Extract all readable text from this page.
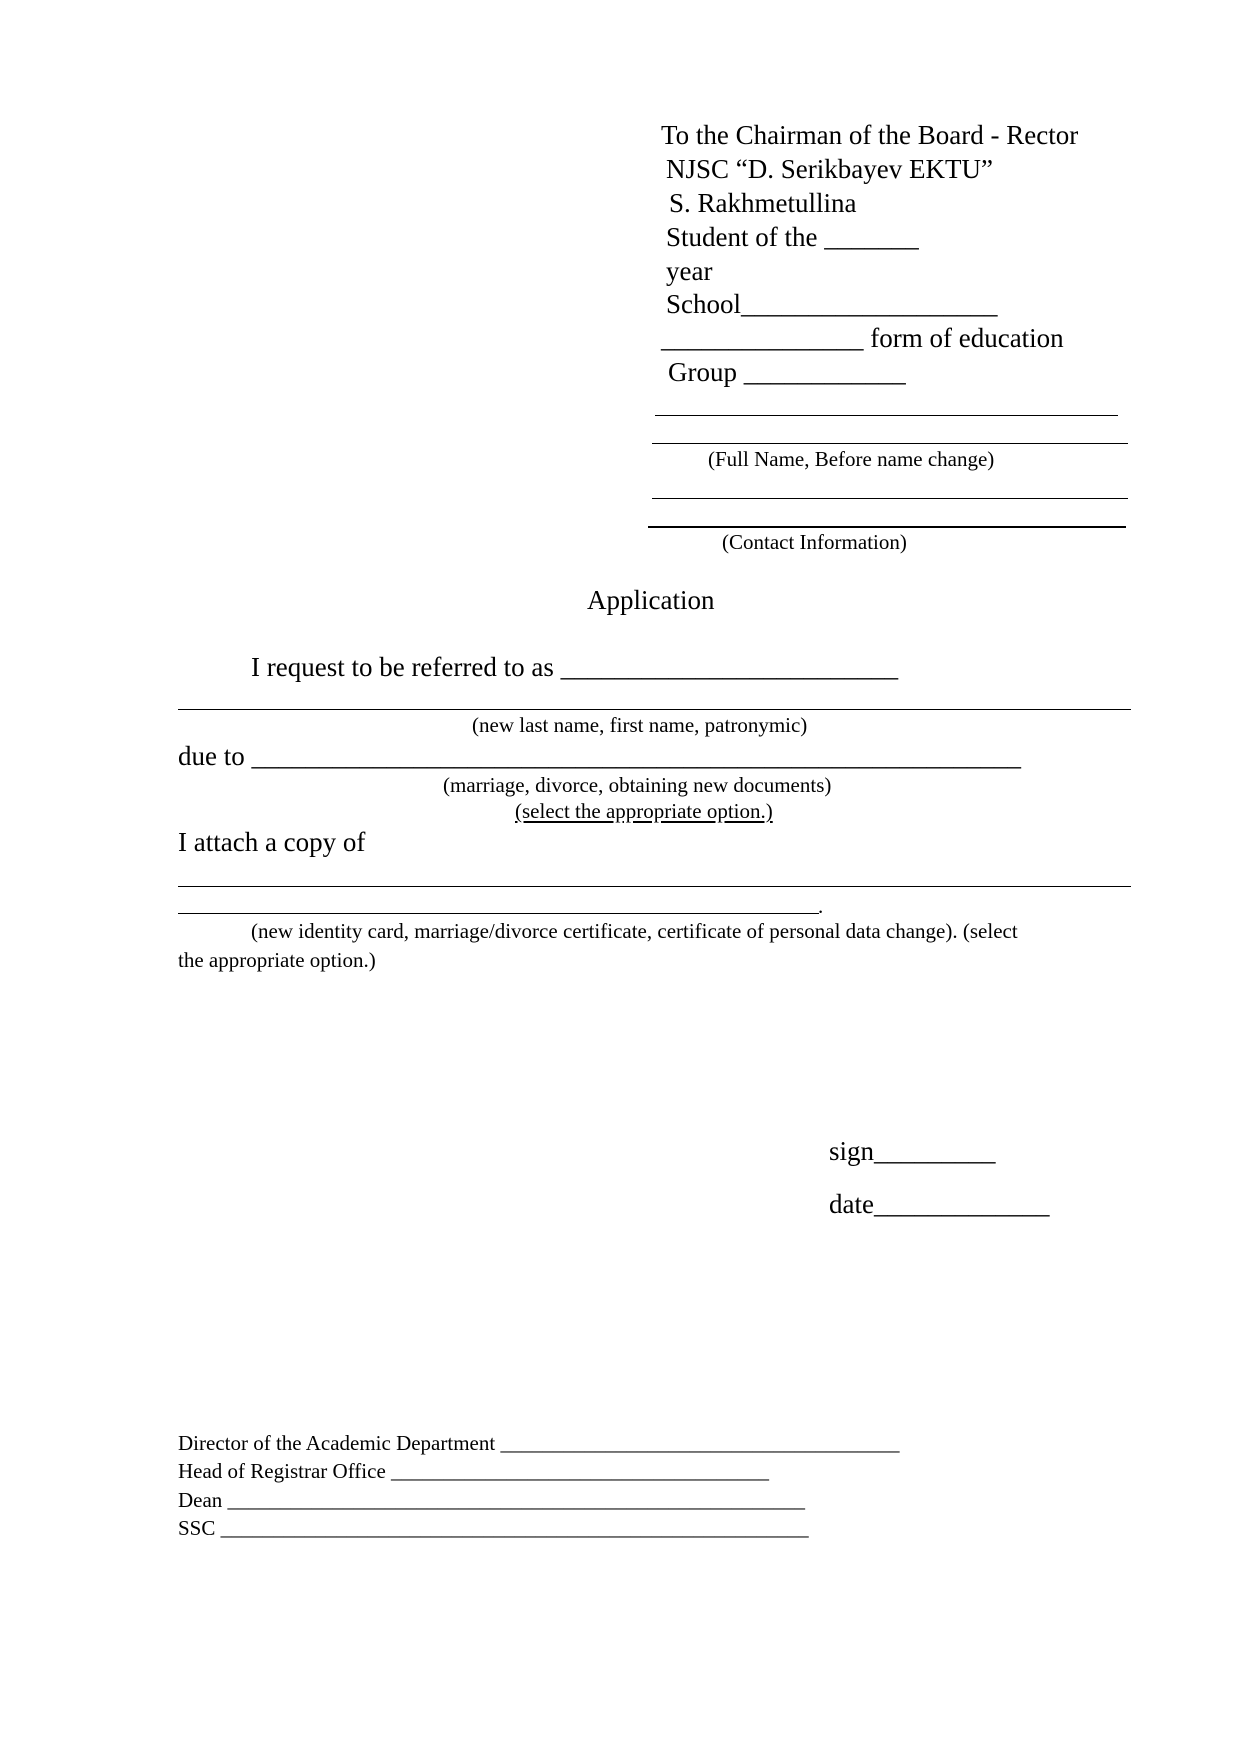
To the Chairman of the Board - Rector
NJSC “D. Serikbayev EKTU”
S. Rakhmetullina
Student of the _______
year
School___________________
_______________ form of education
Group ____________
(Full Name, Before name change)
(Contact Information)
Application
I request to be referred to as _________________________
(new last name, first name, patronymic)
due to _________________________________________________________
(marriage, divorce, obtaining new documents)
(select the appropriate option.)
I attach a copy of
.
(new identity card, marriage/divorce certificate, certificate of personal data change). (select
the appropriate option.)
sign_________
date_____________
Director of the Academic Department ______________________________________
Head of Registrar Office ____________________________________
Dean _______________________________________________________
SSC ________________________________________________________
